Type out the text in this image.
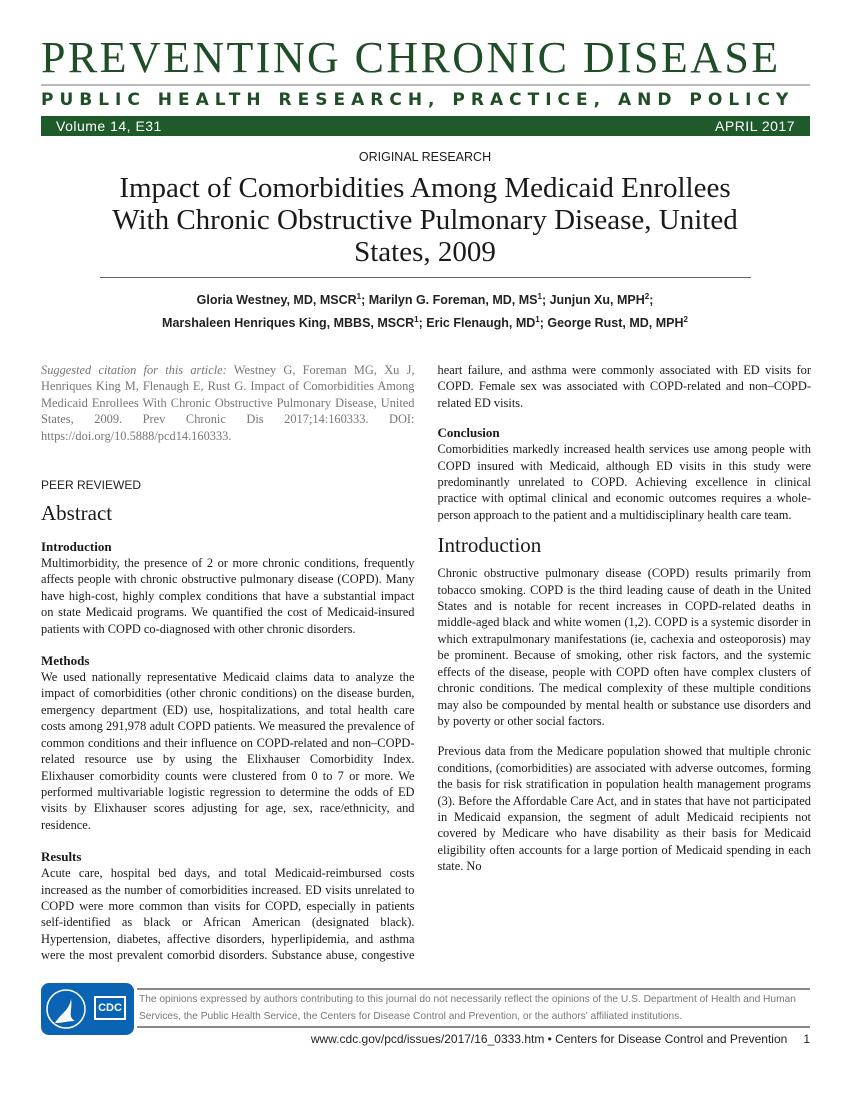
PREVENTING CHRONIC DISEASE
PUBLIC HEALTH RESEARCH, PRACTICE, AND POLICY
Volume 14, E31	APRIL 2017
ORIGINAL RESEARCH
Impact of Comorbidities Among Medicaid Enrollees With Chronic Obstructive Pulmonary Disease, United States, 2009
Gloria Westney, MD, MSCR$^1$; Marilyn G. Foreman, MD, $MS^1$; Junjun Xu, MPH$^2$;
Marshaleen Henriques King, MBBS, MSCR$^1$; Eric Flenaugh, $MD^1$; George Rust, MD, MPH$^2$

Suggested citation for this article: Westney G, Foreman MG, Xu J, Henriques King M, Flenaugh E, Rust G. Impact of Comorbidities Among Medicaid Enrollees With Chronic Obstructive Pulmonary Disease, United States, 2009. Prev Chronic Dis 2017;14:160333. DOI: https://doi.org/10.5888/pcd14.160333.

PEER REVIEWED
Abstract
Introduction

Multimorbidity, the presence of 2 or more chronic conditions, frequently affects people with chronic obstructive pulmonary disease (COPD). Many have high-cost, highly complex conditions that have a substantial impact on state Medicaid programs. We quantified the cost of Medicaid-insured patients with COPD co-diagnosed with other chronic disorders.

Methods

We used nationally representative Medicaid claims data to analyze the impact of comorbidities (other chronic conditions) on the disease burden, emergency department (ED) use, hospitalizations, and total health care costs among 291,978 adult COPD patients. We measured the prevalence of common conditions and their influence on COPD-related and non–COPD-related resource use by using the Elixhauser Comorbidity Index. Elixhauser comorbidity counts were clustered from 0 to 7 or more. We performed multivariable logistic regression to determine the odds of ED visits by Elixhauser scores adjusting for age, sex, race/ethnicity, and residence.

Results

Acute care, hospital bed days, and total Medicaid-reimbursed costs increased as the number of comorbidities increased. ED visits unrelated to COPD were more common than visits for COPD, especially in patients self-identified as black or African American (designated black). Hypertension, diabetes, affective disorders, hyperlipidemia, and asthma were the most prevalent comorbid disorders. Substance abuse, congestive heart failure, and asthma were commonly associated with ED visits for COPD. Female sex was associated with COPD-related and non–COPD-related ED visits.

Conclusion

Comorbidities markedly increased health services use among people with COPD insured with Medicaid, although ED visits in this study were predominantly unrelated to COPD. Achieving excellence in clinical practice with optimal clinical and economic outcomes requires a whole-person approach to the patient and a multidisciplinary health care team.

Introduction

Chronic obstructive pulmonary disease (COPD) results primarily from tobacco smoking. COPD is the third leading cause of death in the United States and is notable for recent increases in COPD-related deaths in middle-aged black and white women (1,2). COPD is a systemic disorder in which extrapulmonary manifestations (ie, cachexia and osteoporosis) may be prominent. Because of smoking, other risk factors, and the systemic effects of the disease, people with COPD often have complex clusters of chronic conditions. The medical complexity of these multiple conditions may also be compounded by mental health or substance use disorders and by poverty or other social factors.

Previous data from the Medicare population showed that multiple chronic conditions, (comorbidities) are associated with adverse outcomes, forming the basis for risk stratification in population health management programs (3). Before the Affordable Care Act, and in states that have not participated in Medicaid expansion, the segment of adult Medicaid recipients not covered by Medicare who have disability as their basis for Medicaid eligibility often accounts for a large portion of Medicaid spending in each state. No

CDC
The opinions expressed by authors contributing to this journal do not necessarily reflect the opinions of the U.S. Department of Health and Human Services, the Public Health Service, the Centers for Disease Control and Prevention, or the authors' affiliated institutions.
www.cdc.gov/pcd/issues/2017/16_0333.htm • Centers for Disease Control and Prevention 1
